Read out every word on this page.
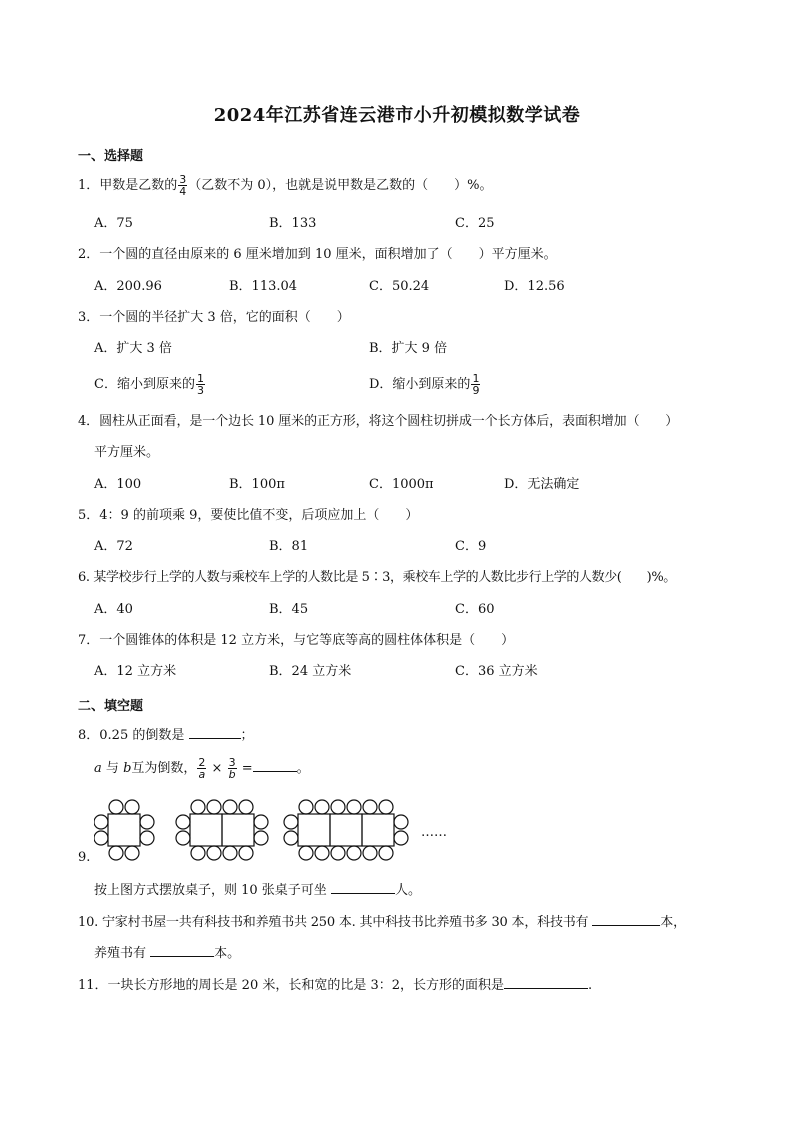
2024年江苏省连云港市小升初模拟数学试卷
一、选择题
1．甲数是乙数的 $\frac{3}{4}$ （乙数不为 0），也就是说甲数是乙数的（　　）%。
A．75	B．133	C．25
2．一个圆的直径由原来的 6 厘米增加到 10 厘米，面积增加了（　　）平方厘米。
A．200.96	B．113.04	C．50.24	D．12.56
3．一个圆的半径扩大 3 倍，它的面积（　　）
A．扩大 3 倍	B．扩大 9 倍
C．缩小到原来的 $\frac{1}{3}$	D．缩小到原来的 $\frac{1}{9}$
4．圆柱从正面看，是一个边长 10 厘米的正方形，将这个圆柱切拼成一个长方体后，表面积增加（　　）
平方厘米。
A．100	B．100π	C．1000π	D．无法确定
5．4：9 的前项乘 9，要使比值不变，后项应加上（　　）
A．72	B．81	C．9
6. 某学校步行上学的人数与乘校车上学的人数比是 5∶3，乘校车上学的人数比步行上学的人数少(　　)%。
A．40	B．45	C．60
7．一个圆锥体的体积是 12 立方米，与它等底等高的圆柱体体积是（　　）
A．12 立方米	B．24 立方米	C．36 立方米
二、填空题
8．0.25 的倒数是	；
a 与 b互为倒数， $\frac{2}{a} \times \frac{3}{b}$ =	。
……
9.
按上图方式摆放桌子，则 10 张桌子可坐	人。
10. 宁家村书屋一共有科技书和养殖书共 250 本. 其中科技书比养殖书多 30 本，科技书有	本，
养殖书有	本。
11．一块长方形地的周长是 20 米，长和宽的比是 3：2，长方形的面积是	.
